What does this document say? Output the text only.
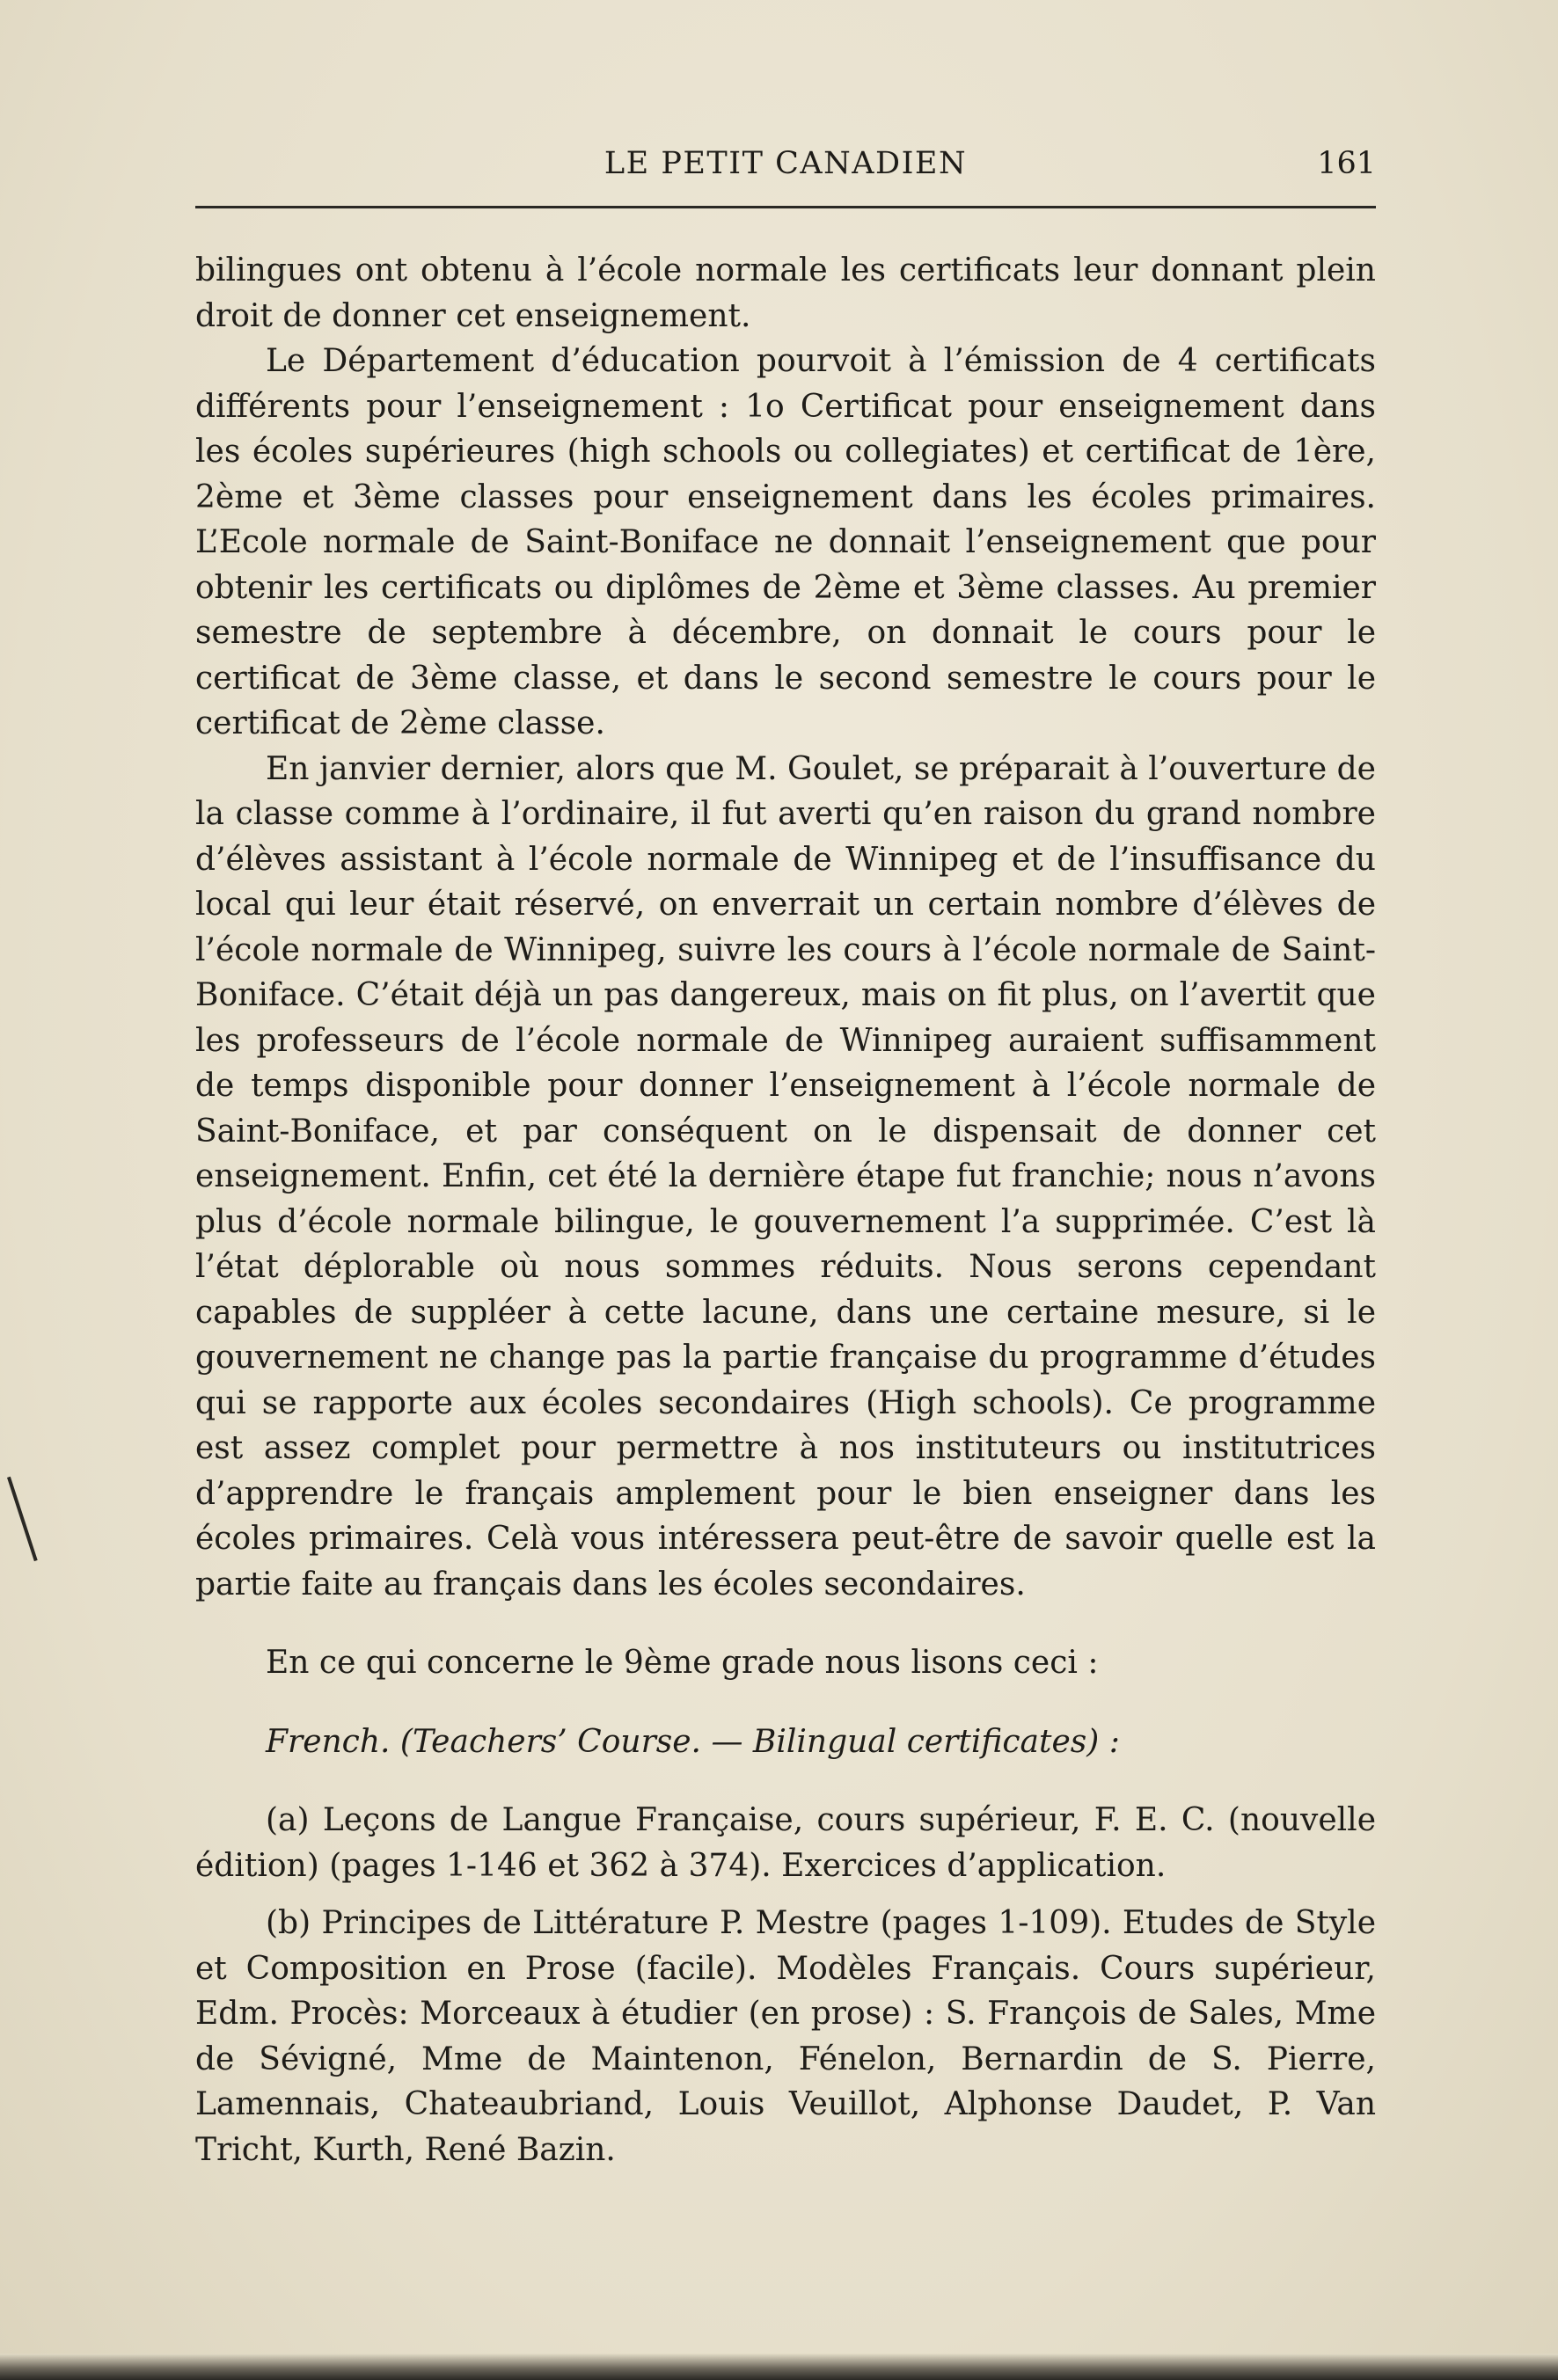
LE PETIT CANADIEN	161

bilingues ont obtenu à l’école normale les certificats leur donnant plein droit de donner cet enseignement.

Le Département d’éducation pourvoit à l’émission de 4 certificats différents pour l’enseignement : 1o Certificat pour enseignement dans les écoles supérieures (high schools ou collegiates) et certificat de 1ère, 2ème et 3ème classes pour enseignement dans les écoles primaires. L’Ecole normale de Saint-Boniface ne donnait l’enseignement que pour obtenir les certificats ou diplômes de 2ème et 3ème classes. Au premier semestre de septembre à décembre, on donnait le cours pour le certificat de 3ème classe, et dans le second semestre le cours pour le certificat de 2ème classe.

En janvier dernier, alors que M. Goulet, se préparait à l’ouverture de la classe comme à l’ordinaire, il fut averti qu’en raison du grand nombre d’élèves assistant à l’école normale de Winnipeg et de l’insuffisance du local qui leur était réservé, on enverrait un certain nombre d’élèves de l’école normale de Winnipeg, suivre les cours à l’école normale de Saint-Boniface. C’était déjà un pas dangereux, mais on fit plus, on l’avertit que les professeurs de l’école normale de Winnipeg auraient suffisamment de temps disponible pour donner l’enseignement à l’école normale de Saint-Boniface, et par conséquent on le dispensait de donner cet enseignement. Enfin, cet été la dernière étape fut franchie; nous n’avons plus d’école normale bilingue, le gouvernement l’a supprimée. C’est là l’état déplorable où nous sommes réduits. Nous serons cependant capables de suppléer à cette lacune, dans une certaine mesure, si le gouvernement ne change pas la partie française du programme d’études qui se rapporte aux écoles secondaires (High schools). Ce programme est assez complet pour permettre à nos instituteurs ou institutrices d’apprendre le français amplement pour le bien enseigner dans les écoles primaires. Celà vous intéressera peut-être de savoir quelle est la partie faite au français dans les écoles secondaires.

En ce qui concerne le 9ème grade nous lisons ceci :

French. (Teachers’ Course. — Bilingual certificates) :

(a) Leçons de Langue Française, cours supérieur, F. E. C. (nouvelle édition) (pages 1-146 et 362 à 374). Exercices d’application.

(b) Principes de Littérature P. Mestre (pages 1-109). Etudes de Style et Composition en Prose (facile). Modèles Français. Cours supérieur, Edm. Procès: Morceaux à étudier (en prose) : S. François de Sales, Mme de Sévigné, Mme de Maintenon, Fénelon, Bernardin de S. Pierre, Lamennais, Chateaubriand, Louis Veuillot, Alphonse Daudet, P. Van Tricht, Kurth, René Bazin.
